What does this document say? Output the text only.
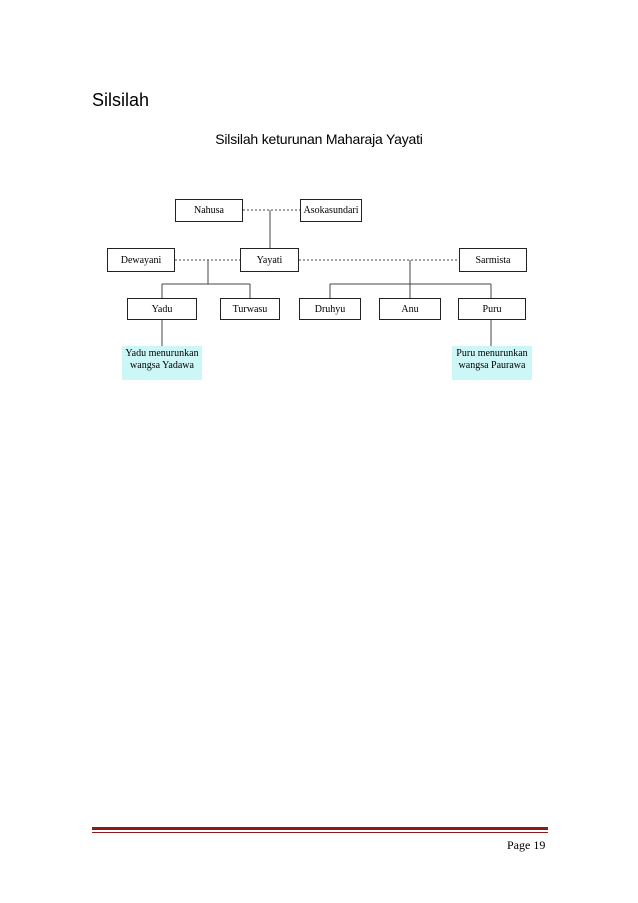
Silsilah
Silsilah keturunan Maharaja Yayati
Nahusa	Asokasundari
Dewayani	Yayati	Sarmista
Yadu	Turwasu	Druhyu	Anu	Puru
Yadu menurunkan
wangsa Yadawa
Puru menurunkan
wangsa Paurawa
Page 19
